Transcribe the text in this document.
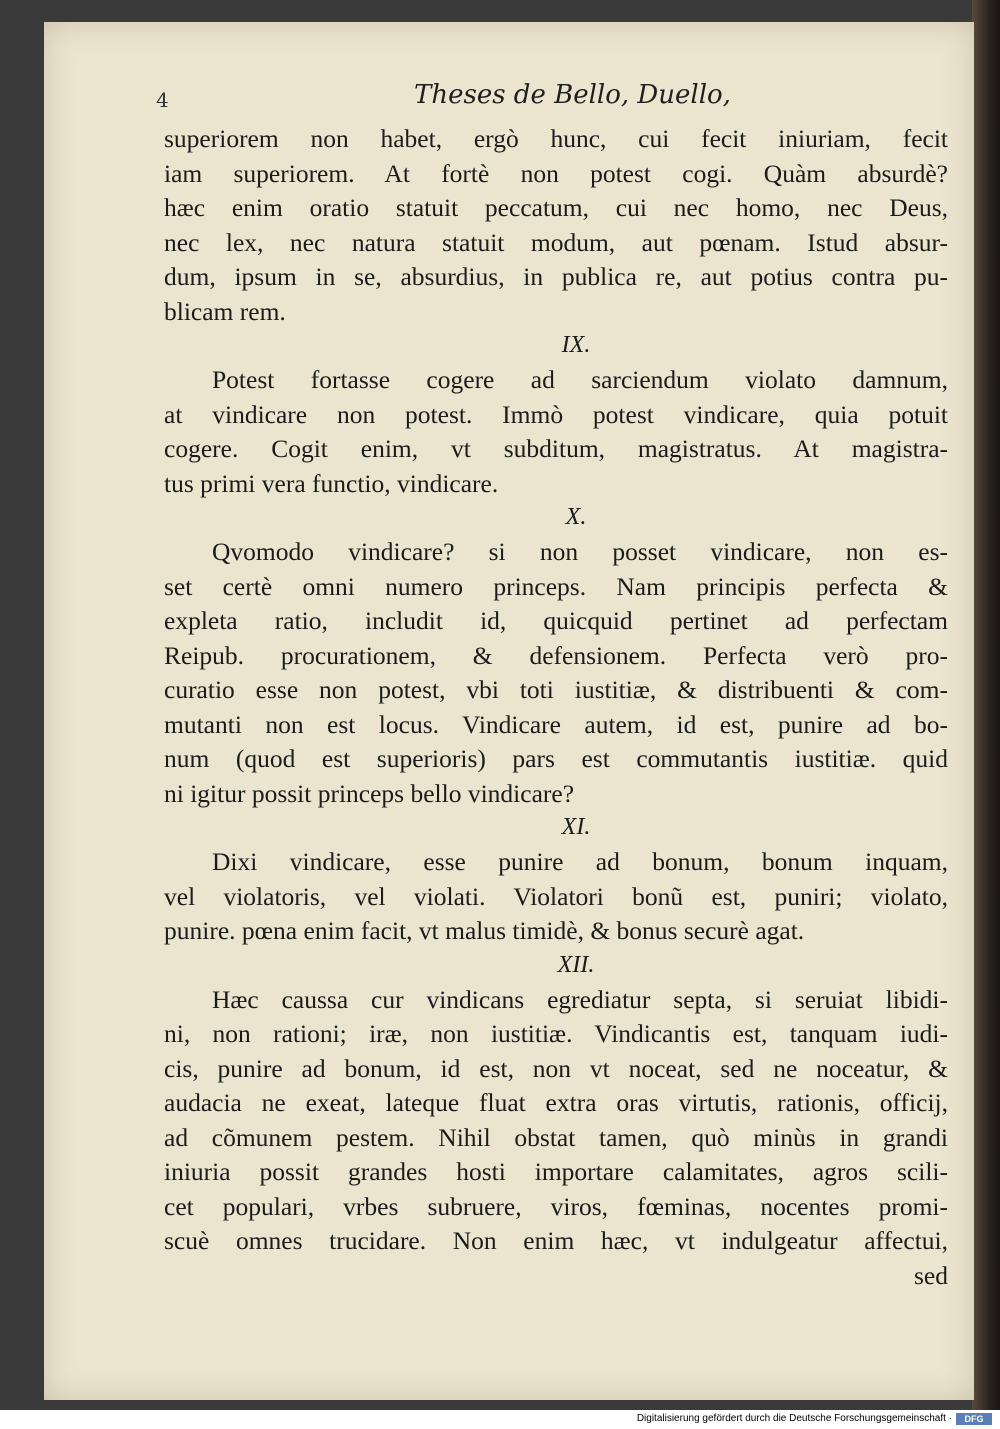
4	Theses de Bello, Duello,
superiorem non habet, ergò hunc, cui fecit iniuriam, fecit
iam superiorem. At fortè non potest cogi. Quàm absurdè?
hæc enim oratio statuit peccatum, cui nec homo, nec Deus,
nec lex, nec natura statuit modum, aut pœnam. Istud absur-
dum, ipsum in se, absurdius, in publica re, aut potius contra pu-
blicam rem.
IX.
Potest fortasse cogere ad sarciendum violato damnum,
at vindicare non potest. Immò potest vindicare, quia potuit
cogere. Cogit enim, vt subditum, magistratus. At magistra-
tus primi vera functio, vindicare.
X.
Qvomodo vindicare? si non posset vindicare, non es-
set certè omni numero princeps. Nam principis perfecta &
expleta ratio, includit id, quicquid pertinet ad perfectam
Reipub. procurationem, & defensionem. Perfecta verò pro-
curatio esse non potest, vbi toti iustitiæ, & distribuenti & com-
mutanti non est locus. Vindicare autem, id est, punire ad bo-
num (quod est superioris) pars est commutantis iustitiæ. quid
ni igitur possit princeps bello vindicare?
XI.
Dixi vindicare, esse punire ad bonum, bonum inquam,
vel violatoris, vel violati. Violatori bonũ est, puniri; violato,
punire. pœna enim facit, vt malus timidè, & bonus securè agat.
XII.
Hæc caussa cur vindicans egrediatur septa, si seruiat libidi-
ni, non rationi; iræ, non iustitiæ. Vindicantis est, tanquam iudi-
cis, punire ad bonum, id est, non vt noceat, sed ne noceatur, &
audacia ne exeat, lateque fluat extra oras virtutis, rationis, officij,
ad cõmunem pestem. Nihil obstat tamen, quò minùs in grandi
iniuria possit grandes hosti importare calamitates, agros scili-
cet populari, vrbes subruere, viros, fœminas, nocentes promi-
scuè omnes trucidare. Non enim hæc, vt indulgeatur affectui,
sed
Digitalisierung gefördert durch die Deutsche Forschungsgemeinschaft ·	DFG
